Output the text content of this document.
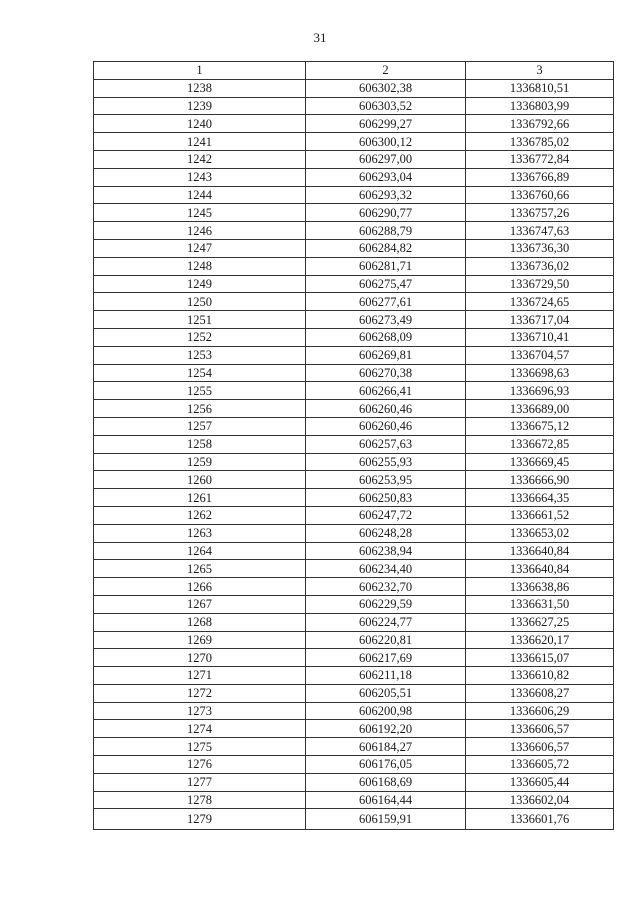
31
1	2	3
1238	606302,38	1336810,51
1239	606303,52	1336803,99
1240	606299,27	1336792,66
1241	606300,12	1336785,02
1242	606297,00	1336772,84
1243	606293,04	1336766,89
1244	606293,32	1336760,66
1245	606290,77	1336757,26
1246	606288,79	1336747,63
1247	606284,82	1336736,30
1248	606281,71	1336736,02
1249	606275,47	1336729,50
1250	606277,61	1336724,65
1251	606273,49	1336717,04
1252	606268,09	1336710,41
1253	606269,81	1336704,57
1254	606270,38	1336698,63
1255	606266,41	1336696,93
1256	606260,46	1336689,00
1257	606260,46	1336675,12
1258	606257,63	1336672,85
1259	606255,93	1336669,45
1260	606253,95	1336666,90
1261	606250,83	1336664,35
1262	606247,72	1336661,52
1263	606248,28	1336653,02
1264	606238,94	1336640,84
1265	606234,40	1336640,84
1266	606232,70	1336638,86
1267	606229,59	1336631,50
1268	606224,77	1336627,25
1269	606220,81	1336620,17
1270	606217,69	1336615,07
1271	606211,18	1336610,82
1272	606205,51	1336608,27
1273	606200,98	1336606,29
1274	606192,20	1336606,57
1275	606184,27	1336606,57
1276	606176,05	1336605,72
1277	606168,69	1336605,44
1278	606164,44	1336602,04
1279	606159,91	1336601,76
